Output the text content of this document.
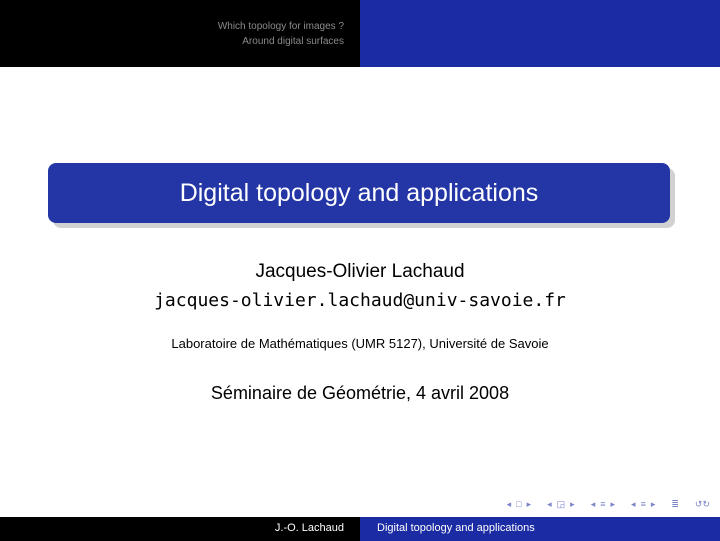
Which topology for images ?
Around digital surfaces
Digital topology and applications
Jacques-Olivier Lachaud
jacques-olivier.lachaud@univ-savoie.fr
Laboratoire de Mathématiques (UMR 5127), Université de Savoie
Séminaire de Géométrie, 4 avril 2008
◂ □ ▸ ◂ ◲ ▸ ◂ ≡ ▸ ◂ ≡ ▸ ≣ ↺↻
J.-O. Lachaud	Digital topology and applications
